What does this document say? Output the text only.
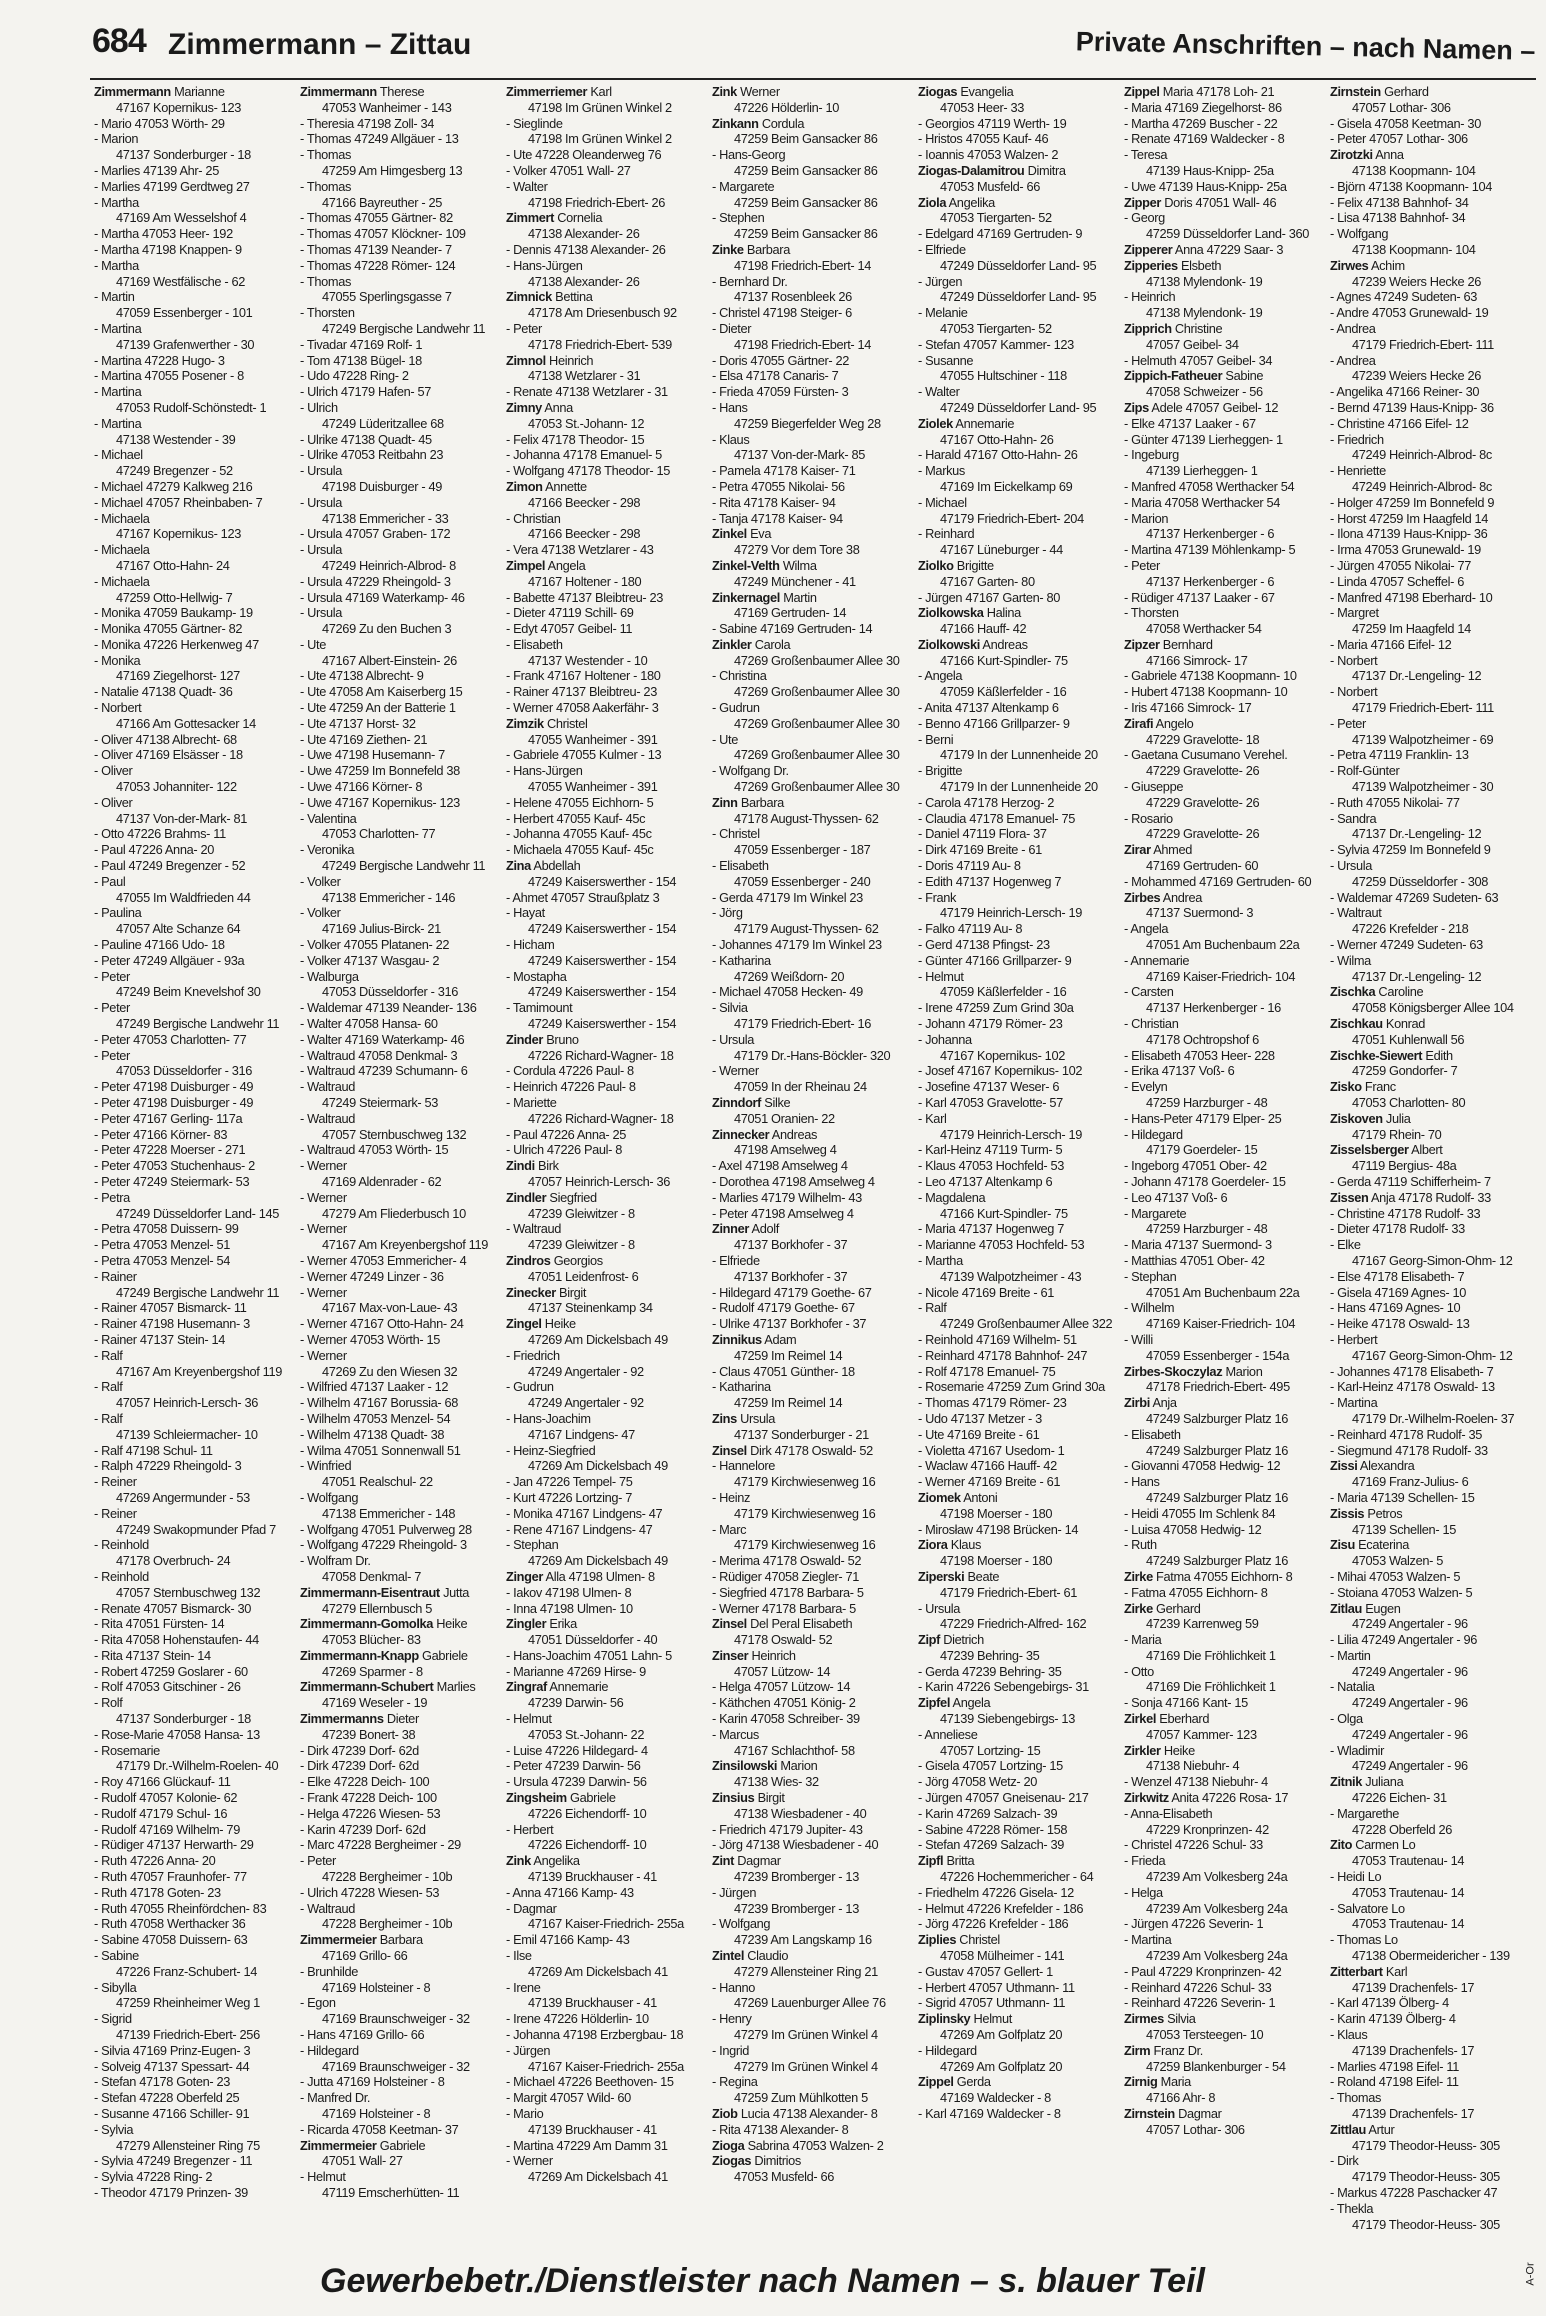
684 Zimmermann – Zittau	Private Anschriften – nach Namen –
Zimmermann Marianne
47167 Kopernikus- 123
- Mario 47053 Wörth- 29
- Marion
47137 Sonderburger - 18
- Marlies 47139 Ahr- 25
- Marlies 47199 Gerdtweg 27
- Martha
47169 Am Wesselshof 4
- Martha 47053 Heer- 192
- Martha 47198 Knappen- 9
- Martha
47169 Westfälische - 62
- Martin
47059 Essenberger - 101
- Martina
47139 Grafenwerther - 30
- Martina 47228 Hugo- 3
- Martina 47055 Posener - 8
- Martina
47053 Rudolf-Schönstedt- 1
- Martina
47138 Westender - 39
- Michael
47249 Bregenzer - 52
- Michael 47279 Kalkweg 216
- Michael 47057 Rheinbaben- 7
- Michaela
47167 Kopernikus- 123
- Michaela
47167 Otto-Hahn- 24
- Michaela
47259 Otto-Hellwig- 7
- Monika 47059 Baukamp- 19
- Monika 47055 Gärtner- 82
- Monika 47226 Herkenweg 47
- Monika
47169 Ziegelhorst- 127
- Natalie 47138 Quadt- 36
- Norbert
47166 Am Gottesacker 14
- Oliver 47138 Albrecht- 68
- Oliver 47169 Elsässer - 18
- Oliver
47053 Johanniter- 122
- Oliver
47137 Von-der-Mark- 81
- Otto 47226 Brahms- 11
- Paul 47226 Anna- 20
- Paul 47249 Bregenzer - 52
- Paul
47055 Im Waldfrieden 44
- Paulina
47057 Alte Schanze 64
- Pauline 47166 Udo- 18
- Peter 47249 Allgäuer - 93a
- Peter
47249 Beim Knevelshof 30
- Peter
47249 Bergische Landwehr 11
- Peter 47053 Charlotten- 77
- Peter
47053 Düsseldorfer - 316
- Peter 47198 Duisburger - 49
- Peter 47198 Duisburger - 49
- Peter 47167 Gerling- 117a
- Peter 47166 Körner- 83
- Peter 47228 Moerser - 271
- Peter 47053 Stuchenhaus- 2
- Peter 47249 Steiermark- 53
- Petra
47249 Düsseldorfer Land- 145
- Petra 47058 Duissern- 99
- Petra 47053 Menzel- 51
- Petra 47053 Menzel- 54
- Rainer
47249 Bergische Landwehr 11
- Rainer 47057 Bismarck- 11
- Rainer 47198 Husemann- 3
- Rainer 47137 Stein- 14
- Ralf
47167 Am Kreyenbergshof 119
- Ralf
47057 Heinrich-Lersch- 36
- Ralf
47139 Schleiermacher- 10
- Ralf 47198 Schul- 11
- Ralph 47229 Rheingold- 3
- Reiner
47269 Angermunder - 53
- Reiner
47249 Swakopmunder Pfad 7
- Reinhold
47178 Overbruch- 24
- Reinhold
47057 Sternbuschweg 132
- Renate 47057 Bismarck- 30
- Rita 47051 Fürsten- 14
- Rita 47058 Hohenstaufen- 44
- Rita 47137 Stein- 14
- Robert 47259 Goslarer - 60
- Rolf 47053 Gitschiner - 26
- Rolf
47137 Sonderburger - 18
- Rose-Marie 47058 Hansa- 13
- Rosemarie
47179 Dr.-Wilhelm-Roelen- 40
- Roy 47166 Glückauf- 11
- Rudolf 47057 Kolonie- 62
- Rudolf 47179 Schul- 16
- Rudolf 47169 Wilhelm- 79
- Rüdiger 47137 Herwarth- 29
- Ruth 47226 Anna- 20
- Ruth 47057 Fraunhofer- 77
- Ruth 47178 Goten- 23
- Ruth 47055 Rheinfördchen- 83
- Ruth 47058 Werthacker 36
- Sabine 47058 Duissern- 63
- Sabine
47226 Franz-Schubert- 14
- Sibylla
47259 Rheinheimer Weg 1
- Sigrid
47139 Friedrich-Ebert- 256
- Silvia 47169 Prinz-Eugen- 3
- Solveig 47137 Spessart- 44
- Stefan 47178 Goten- 23
- Stefan 47228 Oberfeld 25
- Susanne 47166 Schiller- 91
- Sylvia
47279 Allensteiner Ring 75
- Sylvia 47249 Bregenzer - 11
- Sylvia 47228 Ring- 2
- Theodor 47179 Prinzen- 39
Zimmermann Therese
47053 Wanheimer - 143
- Theresia 47198 Zoll- 34
- Thomas 47249 Allgäuer - 13
- Thomas
47259 Am Himgesberg 13
- Thomas
47166 Bayreuther - 25
- Thomas 47055 Gärtner- 82
- Thomas 47057 Klöckner- 109
- Thomas 47139 Neander- 7
- Thomas 47228 Römer- 124
- Thomas
47055 Sperlingsgasse 7
- Thorsten
47249 Bergische Landwehr 11
- Tivadar 47169 Rolf- 1
- Tom 47138 Bügel- 18
- Udo 47228 Ring- 2
- Ulrich 47179 Hafen- 57
- Ulrich
47249 Lüderitzallee 68
- Ulrike 47138 Quadt- 45
- Ulrike 47053 Reitbahn 23
- Ursula
47198 Duisburger - 49
- Ursula
47138 Emmericher - 33
- Ursula 47057 Graben- 172
- Ursula
47249 Heinrich-Albrod- 8
- Ursula 47229 Rheingold- 3
- Ursula 47169 Waterkamp- 46
- Ursula
47269 Zu den Buchen 3
- Ute
47167 Albert-Einstein- 26
- Ute 47138 Albrecht- 9
- Ute 47058 Am Kaiserberg 15
- Ute 47259 An der Batterie 1
- Ute 47137 Horst- 32
- Ute 47169 Ziethen- 21
- Uwe 47198 Husemann- 7
- Uwe 47259 Im Bonnefeld 38
- Uwe 47166 Körner- 8
- Uwe 47167 Kopernikus- 123
- Valentina
47053 Charlotten- 77
- Veronika
47249 Bergische Landwehr 11
- Volker
47138 Emmericher - 146
- Volker
47169 Julius-Birck- 21
- Volker 47055 Platanen- 22
- Volker 47137 Wasgau- 2
- Walburga
47053 Düsseldorfer - 316
- Waldemar 47139 Neander- 136
- Walter 47058 Hansa- 60
- Walter 47169 Waterkamp- 46
- Waltraud 47058 Denkmal- 3
- Waltraud 47239 Schumann- 6
- Waltraud
47249 Steiermark- 53
- Waltraud
47057 Sternbuschweg 132
- Waltraud 47053 Wörth- 15
- Werner
47169 Aldenrader - 62
- Werner
47279 Am Fliederbusch 10
- Werner
47167 Am Kreyenbergshof 119
- Werner 47053 Emmericher- 4
- Werner 47249 Linzer - 36
- Werner
47167 Max-von-Laue- 43
- Werner 47167 Otto-Hahn- 24
- Werner 47053 Wörth- 15
- Werner
47269 Zu den Wiesen 32
- Wilfried 47137 Laaker - 12
- Wilhelm 47167 Borussia- 68
- Wilhelm 47053 Menzel- 54
- Wilhelm 47138 Quadt- 38
- Wilma 47051 Sonnenwall 51
- Winfried
47051 Realschul- 22
- Wolfgang
47138 Emmericher - 148
- Wolfgang 47051 Pulverweg 28
- Wolfgang 47229 Rheingold- 3
- Wolfram Dr.
47058 Denkmal- 7
Zimmermann-Eisentraut Jutta
47279 Ellernbusch 5
Zimmermann-Gomolka Heike
47053 Blücher- 83
Zimmermann-Knapp Gabriele
47269 Sparmer - 8
Zimmermann-Schubert Marlies
47169 Weseler - 19
Zimmermanns Dieter
47239 Bonert- 38
- Dirk 47239 Dorf- 62d
- Dirk 47239 Dorf- 62d
- Elke 47228 Deich- 100
- Frank 47228 Deich- 100
- Helga 47226 Wiesen- 53
- Karin 47239 Dorf- 62d
- Marc 47228 Bergheimer - 29
- Peter
47228 Bergheimer - 10b
- Ulrich 47228 Wiesen- 53
- Waltraud
47228 Bergheimer - 10b
Zimmermeier Barbara
47169 Grillo- 66
- Brunhilde
47169 Holsteiner - 8
- Egon
47169 Braunschweiger - 32
- Hans 47169 Grillo- 66
- Hildegard
47169 Braunschweiger - 32
- Jutta 47169 Holsteiner - 8
- Manfred Dr.
47169 Holsteiner - 8
- Ricarda 47058 Keetman- 37
Zimmermeier Gabriele
47051 Wall- 27
- Helmut
47119 Emscherhütten- 11
Zimmerriemer Karl
47198 Im Grünen Winkel 2
- Sieglinde
47198 Im Grünen Winkel 2
- Ute 47228 Oleanderweg 76
- Volker 47051 Wall- 27
- Walter
47198 Friedrich-Ebert- 26
Zimmert Cornelia
47138 Alexander- 26
- Dennis 47138 Alexander- 26
- Hans-Jürgen
47138 Alexander- 26
Zimnick Bettina
47178 Am Driesenbusch 92
- Peter
47178 Friedrich-Ebert- 539
Zimnol Heinrich
47138 Wetzlarer - 31
- Renate 47138 Wetzlarer - 31
Zimny Anna
47053 St.-Johann- 12
- Felix 47178 Theodor- 15
- Johanna 47178 Emanuel- 5
- Wolfgang 47178 Theodor- 15
Zimon Annette
47166 Beecker - 298
- Christian
47166 Beecker - 298
- Vera 47138 Wetzlarer - 43
Zimpel Angela
47167 Holtener - 180
- Babette 47137 Bleibtreu- 23
- Dieter 47119 Schill- 69
- Edyt 47057 Geibel- 11
- Elisabeth
47137 Westender - 10
- Frank 47167 Holtener - 180
- Rainer 47137 Bleibtreu- 23
- Werner 47058 Aakerfähr- 3
Zimzik Christel
47055 Wanheimer - 391
- Gabriele 47055 Kulmer - 13
- Hans-Jürgen
47055 Wanheimer - 391
- Helene 47055 Eichhorn- 5
- Herbert 47055 Kauf- 45c
- Johanna 47055 Kauf- 45c
- Michaela 47055 Kauf- 45c
Zina Abdellah
47249 Kaiserswerther - 154
- Ahmet 47057 Straußplatz 3
- Hayat
47249 Kaiserswerther - 154
- Hicham
47249 Kaiserswerther - 154
- Mostapha
47249 Kaiserswerther - 154
- Tamimount
47249 Kaiserswerther - 154
Zinder Bruno
47226 Richard-Wagner- 18
- Cordula 47226 Paul- 8
- Heinrich 47226 Paul- 8
- Mariette
47226 Richard-Wagner- 18
- Paul 47226 Anna- 25
- Ulrich 47226 Paul- 8
Zindi Birk
47057 Heinrich-Lersch- 36
Zindler Siegfried
47239 Gleiwitzer - 8
- Waltraud
47239 Gleiwitzer - 8
Zindros Georgios
47051 Leidenfrost- 6
Zinecker Birgit
47137 Steinenkamp 34
Zingel Heike
47269 Am Dickelsbach 49
- Friedrich
47249 Angertaler - 92
- Gudrun
47249 Angertaler - 92
- Hans-Joachim
47167 Lindgens- 47
- Heinz-Siegfried
47269 Am Dickelsbach 49
- Jan 47226 Tempel- 75
- Kurt 47226 Lortzing- 7
- Monika 47167 Lindgens- 47
- Rene 47167 Lindgens- 47
- Stephan
47269 Am Dickelsbach 49
Zinger Alla 47198 Ulmen- 8
- Iakov 47198 Ulmen- 8
- Inna 47198 Ulmen- 10
Zingler Erika
47051 Düsseldorfer - 40
- Hans-Joachim 47051 Lahn- 5
- Marianne 47269 Hirse- 9
Zingraf Annemarie
47239 Darwin- 56
- Helmut
47053 St.-Johann- 22
- Luise 47226 Hildegard- 4
- Peter 47239 Darwin- 56
- Ursula 47239 Darwin- 56
Zingsheim Gabriele
47226 Eichendorff- 10
- Herbert
47226 Eichendorff- 10
Zink Angelika
47139 Bruckhauser - 41
- Anna 47166 Kamp- 43
- Dagmar
47167 Kaiser-Friedrich- 255a
- Emil 47166 Kamp- 43
- Ilse
47269 Am Dickelsbach 41
- Irene
47139 Bruckhauser - 41
- Irene 47226 Hölderlin- 10
- Johanna 47198 Erzbergbau- 18
- Jürgen
47167 Kaiser-Friedrich- 255a
- Michael 47226 Beethoven- 15
- Margit 47057 Wild- 60
- Mario
47139 Bruckhauser - 41
- Martina 47229 Am Damm 31
- Werner
47269 Am Dickelsbach 41
Zink Werner
47226 Hölderlin- 10
Zinkann Cordula
47259 Beim Gansacker 86
- Hans-Georg
47259 Beim Gansacker 86
- Margarete
47259 Beim Gansacker 86
- Stephen
47259 Beim Gansacker 86
Zinke Barbara
47198 Friedrich-Ebert- 14
- Bernhard Dr.
47137 Rosenbleek 26
- Christel 47198 Steiger- 6
- Dieter
47198 Friedrich-Ebert- 14
- Doris 47055 Gärtner- 22
- Elsa 47178 Canaris- 7
- Frieda 47059 Fürsten- 3
- Hans
47259 Biegerfelder Weg 28
- Klaus
47137 Von-der-Mark- 85
- Pamela 47178 Kaiser- 71
- Petra 47055 Nikolai- 56
- Rita 47178 Kaiser- 94
- Tanja 47178 Kaiser- 94
Zinkel Eva
47279 Vor dem Tore 38
Zinkel-Velth Wilma
47249 Münchener - 41
Zinkernagel Martin
47169 Gertruden- 14
- Sabine 47169 Gertruden- 14
Zinkler Carola
47269 Großenbaumer Allee 30
- Christina
47269 Großenbaumer Allee 30
- Gudrun
47269 Großenbaumer Allee 30
- Ute
47269 Großenbaumer Allee 30
- Wolfgang Dr.
47269 Großenbaumer Allee 30
Zinn Barbara
47178 August-Thyssen- 62
- Christel
47059 Essenberger - 187
- Elisabeth
47059 Essenberger - 240
- Gerda 47179 Im Winkel 23
- Jörg
47179 August-Thyssen- 62
- Johannes 47179 Im Winkel 23
- Katharina
47269 Weißdorn- 20
- Michael 47058 Hecken- 49
- Silvia
47179 Friedrich-Ebert- 16
- Ursula
47179 Dr.-Hans-Böckler- 320
- Werner
47059 In der Rheinau 24
Zinndorf Silke
47051 Oranien- 22
Zinnecker Andreas
47198 Amselweg 4
- Axel 47198 Amselweg 4
- Dorothea 47198 Amselweg 4
- Marlies 47179 Wilhelm- 43
- Peter 47198 Amselweg 4
Zinner Adolf
47137 Borkhofer - 37
- Elfriede
47137 Borkhofer - 37
- Hildegard 47179 Goethe- 67
- Rudolf 47179 Goethe- 67
- Ulrike 47137 Borkhofer - 37
Zinnikus Adam
47259 Im Reimel 14
- Claus 47051 Günther- 18
- Katharina
47259 Im Reimel 14
Zins Ursula
47137 Sonderburger - 21
Zinsel Dirk 47178 Oswald- 52
- Hannelore
47179 Kirchwiesenweg 16
- Heinz
47179 Kirchwiesenweg 16
- Marc
47179 Kirchwiesenweg 16
- Merima 47178 Oswald- 52
- Rüdiger 47058 Ziegler- 71
- Siegfried 47178 Barbara- 5
- Werner 47178 Barbara- 5
Zinsel Del Peral Elisabeth
47178 Oswald- 52
Zinser Heinrich
47057 Lützow- 14
- Helga 47057 Lützow- 14
- Käthchen 47051 König- 2
- Karin 47058 Schreiber- 39
- Marcus
47167 Schlachthof- 58
Zinsilowski Marion
47138 Wies- 32
Zinsius Birgit
47138 Wiesbadener - 40
- Friedrich 47179 Jupiter- 43
- Jörg 47138 Wiesbadener - 40
Zint Dagmar
47239 Bromberger - 13
- Jürgen
47239 Bromberger - 13
- Wolfgang
47239 Am Langskamp 16
Zintel Claudio
47279 Allensteiner Ring 21
- Hanno
47269 Lauenburger Allee 76
- Henry
47279 Im Grünen Winkel 4
- Ingrid
47279 Im Grünen Winkel 4
- Regina
47259 Zum Mühlkotten 5
Ziob Lucia 47138 Alexander- 8
- Rita 47138 Alexander- 8
Zioga Sabrina 47053 Walzen- 2
Ziogas Dimitrios
47053 Musfeld- 66
Ziogas Evangelia
47053 Heer- 33
- Georgios 47119 Werth- 19
- Hristos 47055 Kauf- 46
- Ioannis 47053 Walzen- 2
Ziogas-Dalamitrou Dimitra
47053 Musfeld- 66
Ziola Angelika
47053 Tiergarten- 52
- Edelgard 47169 Gertruden- 9
- Elfriede
47249 Düsseldorfer Land- 95
- Jürgen
47249 Düsseldorfer Land- 95
- Melanie
47053 Tiergarten- 52
- Stefan 47057 Kammer- 123
- Susanne
47055 Hultschiner - 118
- Walter
47249 Düsseldorfer Land- 95
Ziolek Annemarie
47167 Otto-Hahn- 26
- Harald 47167 Otto-Hahn- 26
- Markus
47169 Im Eickelkamp 69
- Michael
47179 Friedrich-Ebert- 204
- Reinhard
47167 Lüneburger - 44
Ziolko Brigitte
47167 Garten- 80
- Jürgen 47167 Garten- 80
Ziolkowska Halina
47166 Hauff- 42
Ziolkowski Andreas
47166 Kurt-Spindler- 75
- Angela
47059 Käßlerfelder - 16
- Anita 47137 Altenkamp 6
- Benno 47166 Grillparzer- 9
- Berni
47179 In der Lunnenheide 20
- Brigitte
47179 In der Lunnenheide 20
- Carola 47178 Herzog- 2
- Claudia 47178 Emanuel- 75
- Daniel 47119 Flora- 37
- Dirk 47169 Breite - 61
- Doris 47119 Au- 8
- Edith 47137 Hogenweg 7
- Frank
47179 Heinrich-Lersch- 19
- Falko 47119 Au- 8
- Gerd 47138 Pfingst- 23
- Günter 47166 Grillparzer- 9
- Helmut
47059 Käßlerfelder - 16
- Irene 47259 Zum Grind 30a
- Johann 47179 Römer- 23
- Johanna
47167 Kopernikus- 102
- Josef 47167 Kopernikus- 102
- Josefine 47137 Weser- 6
- Karl 47053 Gravelotte- 57
- Karl
47179 Heinrich-Lersch- 19
- Karl-Heinz 47119 Turm- 5
- Klaus 47053 Hochfeld- 53
- Leo 47137 Altenkamp 6
- Magdalena
47166 Kurt-Spindler- 75
- Maria 47137 Hogenweg 7
- Marianne 47053 Hochfeld- 53
- Martha
47139 Walpotzheimer - 43
- Nicole 47169 Breite - 61
- Ralf
47249 Großenbaumer Allee 322
- Reinhold 47169 Wilhelm- 51
- Reinhard 47178 Bahnhof- 247
- Rolf 47178 Emanuel- 75
- Rosemarie 47259 Zum Grind 30a
- Thomas 47179 Römer- 23
- Udo 47137 Metzer - 3
- Ute 47169 Breite - 61
- Violetta 47167 Usedom- 1
- Waclaw 47166 Hauff- 42
- Werner 47169 Breite - 61
Ziomek Antoni
47198 Moerser - 180
- Mirosław 47198 Brücken- 14
Ziora Klaus
47198 Moerser - 180
Ziperski Beate
47179 Friedrich-Ebert- 61
- Ursula
47229 Friedrich-Alfred- 162
Zipf Dietrich
47239 Behring- 35
- Gerda 47239 Behring- 35
- Karin 47226 Sebengebirgs- 31
Zipfel Angela
47139 Siebengebirgs- 13
- Anneliese
47057 Lortzing- 15
- Gisela 47057 Lortzing- 15
- Jörg 47058 Wetz- 20
- Jürgen 47057 Gneisenau- 217
- Karin 47269 Salzach- 39
- Sabine 47228 Römer- 158
- Stefan 47269 Salzach- 39
Zipfl Britta
47226 Hochemmericher - 64
- Friedhelm 47226 Gisela- 12
- Helmut 47226 Krefelder - 186
- Jörg 47226 Krefelder - 186
Ziplies Christel
47058 Mülheimer - 141
- Gustav 47057 Gellert- 1
- Herbert 47057 Uthmann- 11
- Sigrid 47057 Uthmann- 11
Ziplinsky Helmut
47269 Am Golfplatz 20
- Hildegard
47269 Am Golfplatz 20
Zippel Gerda
47169 Waldecker - 8
- Karl 47169 Waldecker - 8
Zippel Maria 47178 Loh- 21
- Maria 47169 Ziegelhorst- 86
- Martha 47269 Buscher - 22
- Renate 47169 Waldecker - 8
- Teresa
47139 Haus-Knipp- 25a
- Uwe 47139 Haus-Knipp- 25a
Zipper Doris 47051 Wall- 46
- Georg
47259 Düsseldorfer Land- 360
Zipperer Anna 47229 Saar- 3
Zipperies Elsbeth
47138 Mylendonk- 19
- Heinrich
47138 Mylendonk- 19
Zipprich Christine
47057 Geibel- 34
- Helmuth 47057 Geibel- 34
Zippich-Fatheuer Sabine
47058 Schweizer - 56
Zips Adele 47057 Geibel- 12
- Elke 47137 Laaker - 67
- Günter 47139 Lierheggen- 1
- Ingeburg
47139 Lierheggen- 1
- Manfred 47058 Werthacker 54
- Maria 47058 Werthacker 54
- Marion
47137 Herkenberger - 6
- Martina 47139 Möhlenkamp- 5
- Peter
47137 Herkenberger - 6
- Rüdiger 47137 Laaker - 67
- Thorsten
47058 Werthacker 54
Zipzer Bernhard
47166 Simrock- 17
- Gabriele 47138 Koopmann- 10
- Hubert 47138 Koopmann- 10
- Iris 47166 Simrock- 17
Zirafi Angelo
47229 Gravelotte- 18
- Gaetana Cusumano Verehel.
47229 Gravelotte- 26
- Giuseppe
47229 Gravelotte- 26
- Rosario
47229 Gravelotte- 26
Zirar Ahmed
47169 Gertruden- 60
- Mohammed 47169 Gertruden- 60
Zirbes Andrea
47137 Suermond- 3
- Angela
47051 Am Buchenbaum 22a
- Annemarie
47169 Kaiser-Friedrich- 104
- Carsten
47137 Herkenberger - 16
- Christian
47178 Ochtropshof 6
- Elisabeth 47053 Heer- 228
- Erika 47137 Voß- 6
- Evelyn
47259 Harzburger - 48
- Hans-Peter 47179 Elper- 25
- Hildegard
47179 Goerdeler- 15
- Ingeborg 47051 Ober- 42
- Johann 47178 Goerdeler- 15
- Leo 47137 Voß- 6
- Margarete
47259 Harzburger - 48
- Maria 47137 Suermond- 3
- Matthias 47051 Ober- 42
- Stephan
47051 Am Buchenbaum 22a
- Wilhelm
47169 Kaiser-Friedrich- 104
- Willi
47059 Essenberger - 154a
Zirbes-Skoczylaz Marion
47178 Friedrich-Ebert- 495
Zirbi Anja
47249 Salzburger Platz 16
- Elisabeth
47249 Salzburger Platz 16
- Giovanni 47058 Hedwig- 12
- Hans
47249 Salzburger Platz 16
- Heidi 47055 Im Schlenk 84
- Luisa 47058 Hedwig- 12
- Ruth
47249 Salzburger Platz 16
Zirke Fatma 47055 Eichhorn- 8
- Fatma 47055 Eichhorn- 8
Zirke Gerhard
47239 Karrenweg 59
- Maria
47169 Die Fröhlichkeit 1
- Otto
47169 Die Fröhlichkeit 1
- Sonja 47166 Kant- 15
Zirkel Eberhard
47057 Kammer- 123
Zirkler Heike
47138 Niebuhr- 4
- Wenzel 47138 Niebuhr- 4
Zirkwitz Anita 47226 Rosa- 17
- Anna-Elisabeth
47229 Kronprinzen- 42
- Christel 47226 Schul- 33
- Frieda
47239 Am Volkesberg 24a
- Helga
47239 Am Volkesberg 24a
- Jürgen 47226 Severin- 1
- Martina
47239 Am Volkesberg 24a
- Paul 47229 Kronprinzen- 42
- Reinhard 47226 Schul- 33
- Reinhard 47226 Severin- 1
Zirmes Silvia
47053 Tersteegen- 10
Zirm Franz Dr.
47259 Blankenburger - 54
Zirnig Maria
47166 Ahr- 8
Zirnstein Dagmar
47057 Lothar- 306
Zirnstein Gerhard
47057 Lothar- 306
- Gisela 47058 Keetman- 30
- Peter 47057 Lothar- 306
Zirotzki Anna
47138 Koopmann- 104
- Björn 47138 Koopmann- 104
- Felix 47138 Bahnhof- 34
- Lisa 47138 Bahnhof- 34
- Wolfgang
47138 Koopmann- 104
Zirwes Achim
47239 Weiers Hecke 26
- Agnes 47249 Sudeten- 63
- Andre 47053 Grunewald- 19
- Andrea
47179 Friedrich-Ebert- 111
- Andrea
47239 Weiers Hecke 26
- Angelika 47166 Reiner- 30
- Bernd 47139 Haus-Knipp- 36
- Christine 47166 Eifel- 12
- Friedrich
47249 Heinrich-Albrod- 8c
- Henriette
47249 Heinrich-Albrod- 8c
- Holger 47259 Im Bonnefeld 9
- Horst 47259 Im Haagfeld 14
- Ilona 47139 Haus-Knipp- 36
- Irma 47053 Grunewald- 19
- Jürgen 47055 Nikolai- 77
- Linda 47057 Scheffel- 6
- Manfred 47198 Eberhard- 10
- Margret
47259 Im Haagfeld 14
- Maria 47166 Eifel- 12
- Norbert
47137 Dr.-Lengeling- 12
- Norbert
47179 Friedrich-Ebert- 111
- Peter
47139 Walpotzheimer - 69
- Petra 47119 Franklin- 13
- Rolf-Günter
47139 Walpotzheimer - 30
- Ruth 47055 Nikolai- 77
- Sandra
47137 Dr.-Lengeling- 12
- Sylvia 47259 Im Bonnefeld 9
- Ursula
47259 Düsseldorfer - 308
- Waldemar 47269 Sudeten- 63
- Waltraut
47226 Krefelder - 218
- Werner 47249 Sudeten- 63
- Wilma
47137 Dr.-Lengeling- 12
Zischka Caroline
47058 Königsberger Allee 104
Zischkau Konrad
47051 Kuhlenwall 56
Zischke-Siewert Edith
47259 Gondorfer- 7
Zisko Franc
47053 Charlotten- 80
Ziskoven Julia
47179 Rhein- 70
Zisselsberger Albert
47119 Bergius- 48a
- Gerda 47119 Schifferheim- 7
Zissen Anja 47178 Rudolf- 33
- Christine 47178 Rudolf- 33
- Dieter 47178 Rudolf- 33
- Elke
47167 Georg-Simon-Ohm- 12
- Else 47178 Elisabeth- 7
- Gisela 47169 Agnes- 10
- Hans 47169 Agnes- 10
- Heike 47178 Oswald- 13
- Herbert
47167 Georg-Simon-Ohm- 12
- Johannes 47178 Elisabeth- 7
- Karl-Heinz 47178 Oswald- 13
- Martina
47179 Dr.-Wilhelm-Roelen- 37
- Reinhard 47178 Rudolf- 35
- Siegmund 47178 Rudolf- 33
Zissi Alexandra
47169 Franz-Julius- 6
- Maria 47139 Schellen- 15
Zissis Petros
47139 Schellen- 15
Zisu Ecaterina
47053 Walzen- 5
- Mihai 47053 Walzen- 5
- Stoiana 47053 Walzen- 5
Zitlau Eugen
47249 Angertaler - 96
- Lilia 47249 Angertaler - 96
- Martin
47249 Angertaler - 96
- Natalia
47249 Angertaler - 96
- Olga
47249 Angertaler - 96
- Wladimir
47249 Angertaler - 96
Zitnik Juliana
47226 Eichen- 31
- Margarethe
47228 Oberfeld 26
Zito Carmen Lo
47053 Trautenau- 14
- Heidi Lo
47053 Trautenau- 14
- Salvatore Lo
47053 Trautenau- 14
- Thomas Lo
47138 Obermeidericher - 139
Zitterbart Karl
47139 Drachenfels- 17
- Karl 47139 Ölberg- 4
- Karin 47139 Ölberg- 4
- Klaus
47139 Drachenfels- 17
- Marlies 47198 Eifel- 11
- Roland 47198 Eifel- 11
- Thomas
47139 Drachenfels- 17
Zittlau Artur
47179 Theodor-Heuss- 305
- Dirk
47179 Theodor-Heuss- 305
- Markus 47228 Paschacker 47
- Thekla
47179 Theodor-Heuss- 305
Gewerbebetr./Dienstleister nach Namen – s. blauer Teil	A-Or
